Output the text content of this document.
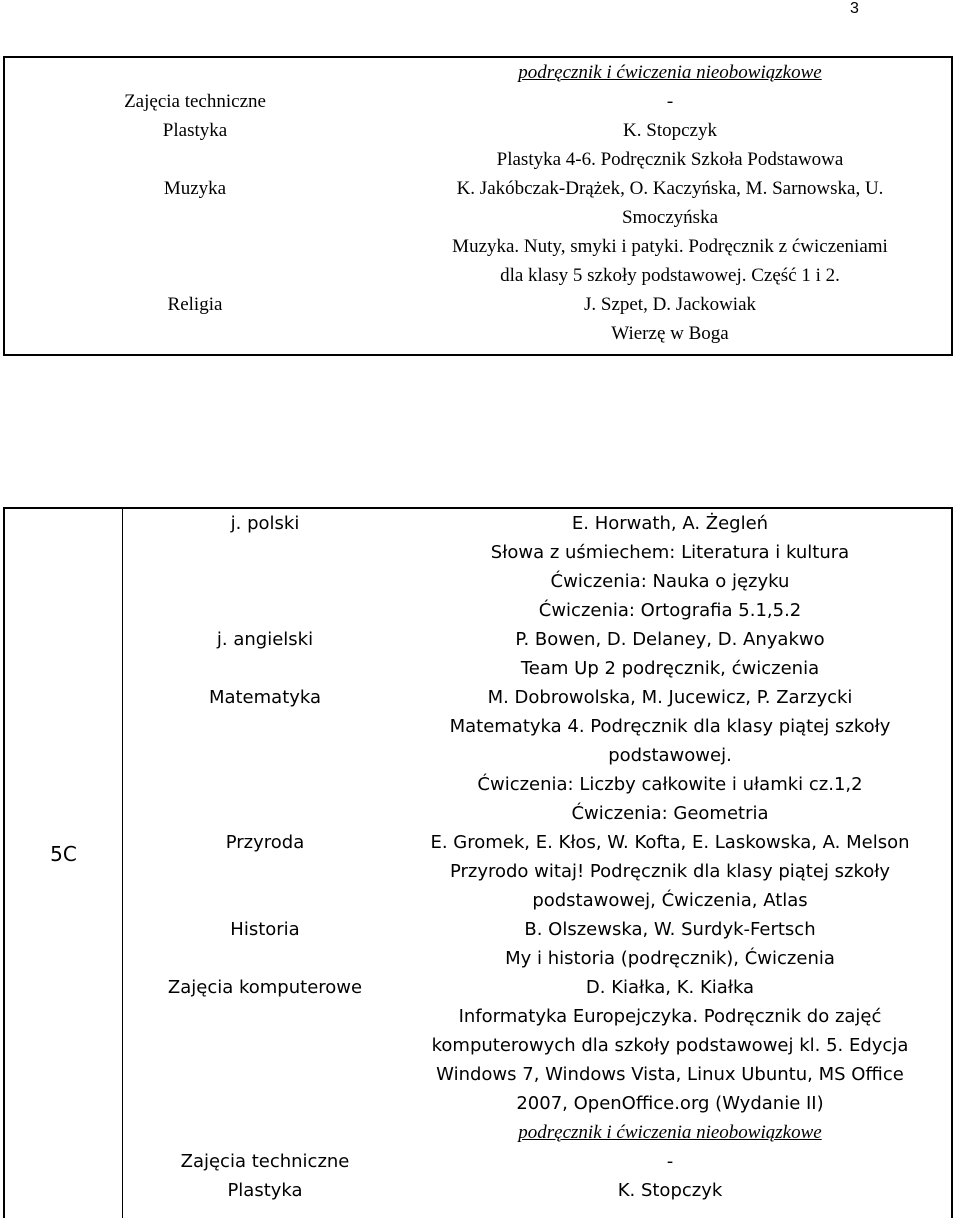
3
podręcznik i ćwiczenia nieobowiązkowe
Zajęcia techniczne	-
Plastyka	K. Stopczyk
Plastyka 4-6. Podręcznik Szkoła Podstawowa
Muzyka	K. Jakóbczak-Drążek, O. Kaczyńska, M. Sarnowska, U.
Smoczyńska
Muzyka. Nuty, smyki i patyki. Podręcznik z ćwiczeniami
dla klasy 5 szkoły podstawowej. Część 1 i 2.
Religia	J. Szpet, D. Jackowiak
Wierzę w Boga
5C
j. polski	E. Horwath, A. Żegleń
Słowa z uśmiechem: Literatura i kultura
Ćwiczenia: Nauka o języku
Ćwiczenia: Ortografia 5.1,5.2
j. angielski	P. Bowen, D. Delaney, D. Anyakwo
Team Up 2 podręcznik, ćwiczenia
Matematyka	M. Dobrowolska, M. Jucewicz, P. Zarzycki
Matematyka 4. Podręcznik dla klasy piątej szkoły
podstawowej.
Ćwiczenia: Liczby całkowite i ułamki cz.1,2
Ćwiczenia: Geometria
Przyroda	E. Gromek, E. Kłos, W. Kofta, E. Laskowska, A. Melson
Przyrodo witaj! Podręcznik dla klasy piątej szkoły
podstawowej, Ćwiczenia, Atlas
Historia	B. Olszewska, W. Surdyk-Fertsch
My i historia (podręcznik), Ćwiczenia
Zajęcia komputerowe	D. Kiałka, K. Kiałka
Informatyka Europejczyka. Podręcznik do zajęć
komputerowych dla szkoły podstawowej kl. 5. Edycja
Windows 7, Windows Vista, Linux Ubuntu, MS Office
2007, OpenOffice.org (Wydanie II)
podręcznik i ćwiczenia nieobowiązkowe
Zajęcia techniczne	-
Plastyka	K. Stopczyk
